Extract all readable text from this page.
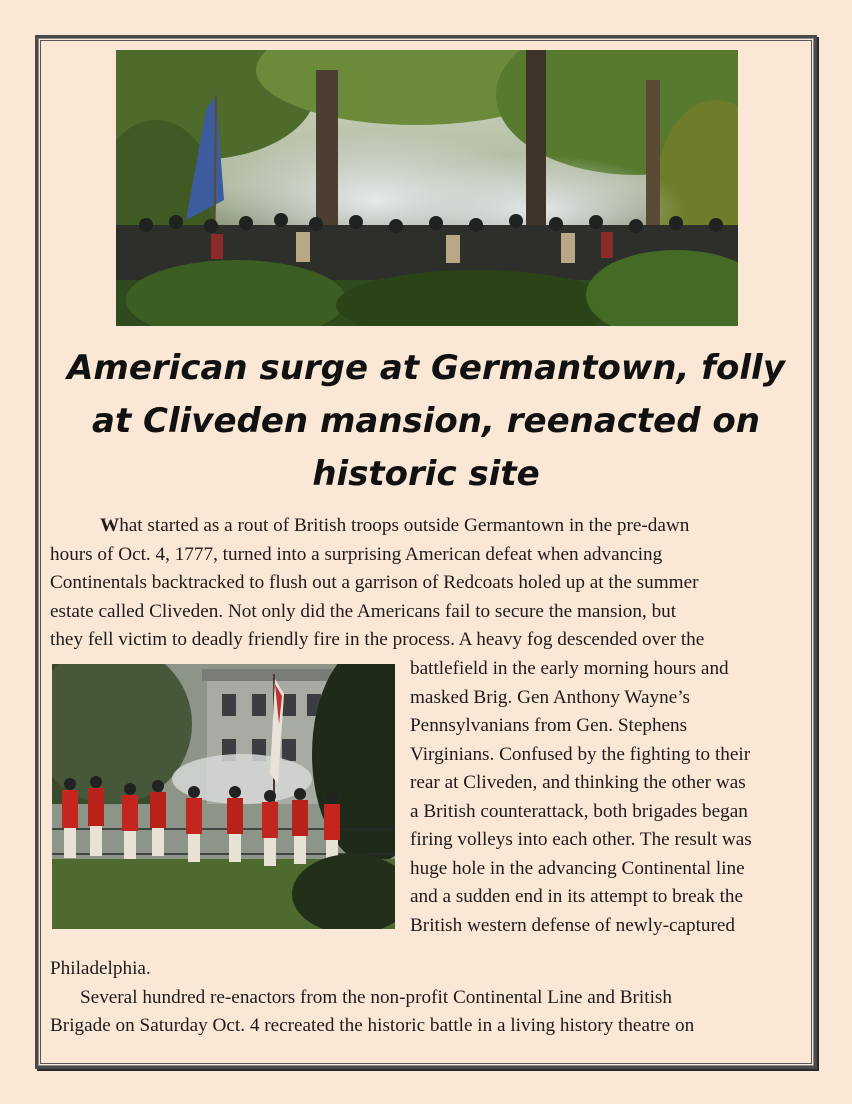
American surge at Germantown, folly
at Cliveden mansion, reenacted on
historic site
What started as a rout of British troops outside Germantown in the pre-dawn
hours of Oct. 4, 1777, turned into a surprising American defeat when advancing
Continentals backtracked to flush out a garrison of Redcoats holed up at the summer
estate called Cliveden. Not only did the Americans fail to secure the mansion, but
they fell victim to deadly friendly fire in the process. A heavy fog descended over the
battlefield in the early morning hours and
masked Brig. Gen Anthony Wayne’s
Pennsylvanians from Gen. Stephens
Virginians. Confused by the fighting to their
rear at Cliveden, and thinking the other was
a British counterattack, both brigades began
firing volleys into each other. The result was
huge hole in the advancing Continental line
and a sudden end in its attempt to break the
British western defense of newly-captured
Philadelphia.
Several hundred re-enactors from the non-profit Continental Line and British
Brigade on Saturday Oct. 4 recreated the historic battle in a living history theatre on
